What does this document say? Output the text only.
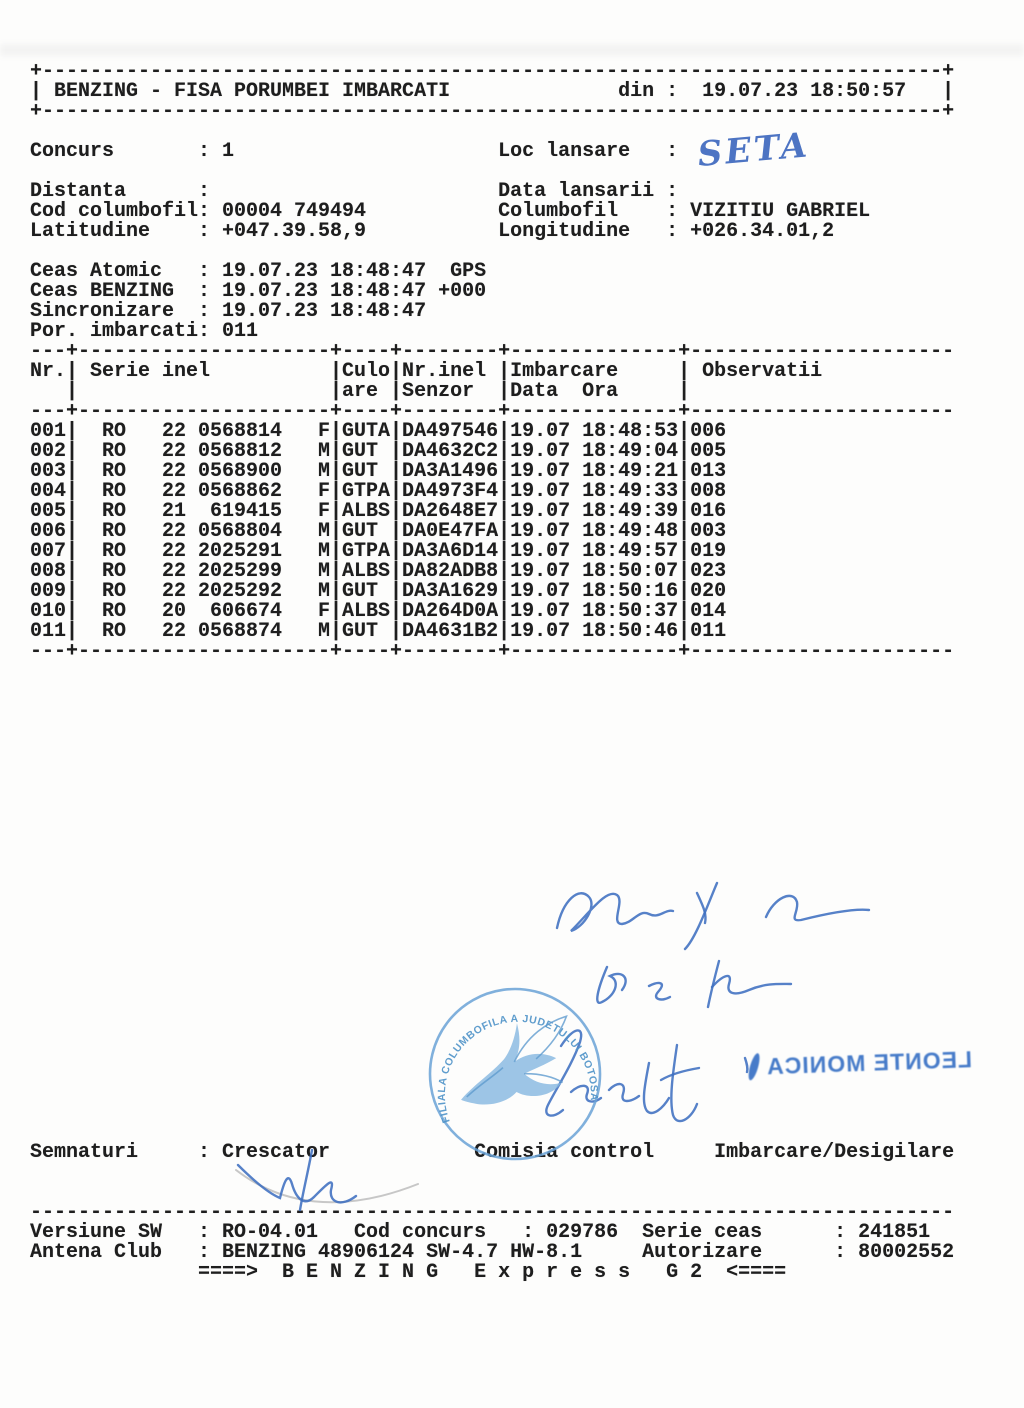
+---------------------------------------------------------------------------+
| BENZING - FISA PORUMBEI IMBARCATI              din :  19.07.23 18:50:57   |
+---------------------------------------------------------------------------+

Concurs       : 1                      Loc lansare   :

Distanta      :                        Data lansarii :
Cod columbofil: 00004 749494           Columbofil    : VIZITIU GABRIEL
Latitudine    : +047.39.58,9           Longitudine   : +026.34.01,2

Ceas Atomic   : 19.07.23 18:48:47  GPS
Ceas BENZING  : 19.07.23 18:48:47 +000
Sincronizare  : 19.07.23 18:48:47
Por. imbarcati: 011
---+---------------------+----+--------+--------------+----------------------
Nr.| Serie inel          |Culo|Nr.inel |Imbarcare     | Observatii
|                     |are |Senzor  |Data  Ora     |
---+---------------------+----+--------+--------------+----------------------
001|  RO   22 0568814   F|GUTA|DA497546|19.07 18:48:53|006
002|  RO   22 0568812   M|GUT |DA4632C2|19.07 18:49:04|005
003|  RO   22 0568900   M|GUT |DA3A1496|19.07 18:49:21|013
004|  RO   22 0568862   F|GTPA|DA4973F4|19.07 18:49:33|008
005|  RO   21  619415   F|ALBS|DA2648E7|19.07 18:49:39|016
006|  RO   22 0568804   M|GUT |DA0E47FA|19.07 18:49:48|003
007|  RO   22 2025291   M|GTPA|DA3A6D14|19.07 18:49:57|019
008|  RO   22 2025299   M|ALBS|DA82ADB8|19.07 18:50:07|023
009|  RO   22 2025292   M|GUT |DA3A1629|19.07 18:50:16|020
010|  RO   20  606674   F|ALBS|DA264D0A|19.07 18:50:37|014
011|  RO   22 0568874   M|GUT |DA4631B2|19.07 18:50:46|011
---+---------------------+----+--------+--------------+----------------------
Semnaturi     : Crescator            Comisia control     Imbarcare/Desigilare
-----------------------------------------------------------------------------
Versiune SW   : RO-04.01   Cod concurs   : 029786  Serie ceas      : 241851
Antena Club   : BENZING 48906124 SW-4.7 HW-8.1     Autorizare      : 80002552
====>  B E N Z I N G   E x p r e s s   G 2  <====
SETA
FILIALA COLUMBOFILA A JUDETULUI BOTOSANI ▴ U.F.C.R CIF 47102082
LEONTE MONICA
